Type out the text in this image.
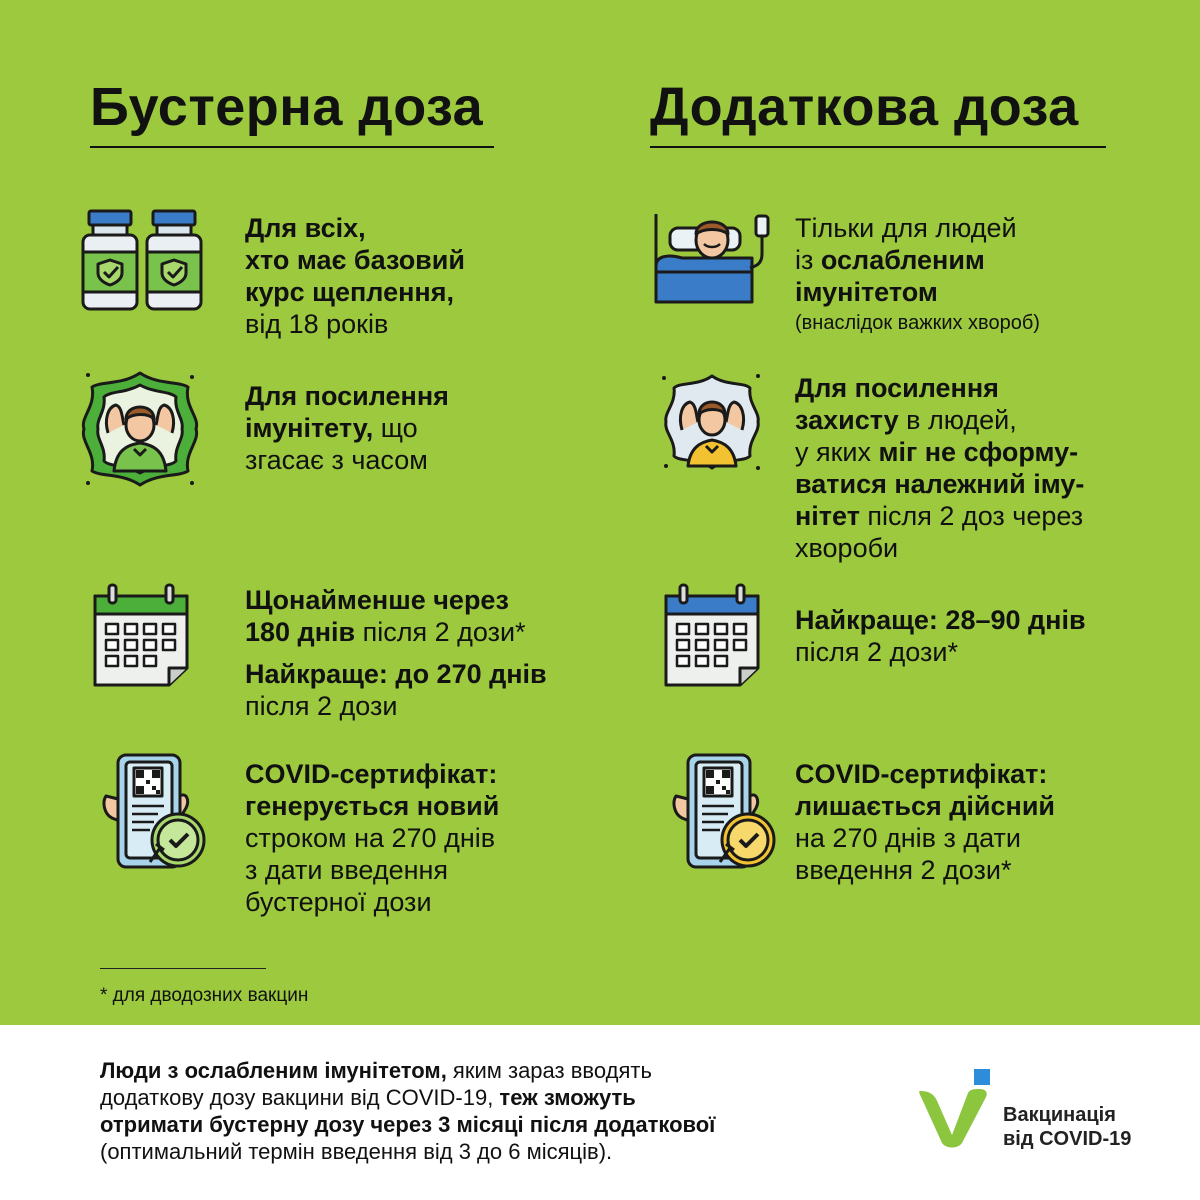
Бустерна доза
Для всіх,
хто має базовий
курс щеплення,
від 18 років
Для посилення
імунітету, що
згасає з часом
Щонайменше через
180 днів після 2 дози*
Найкраще: до 270 днів
після 2 дози
COVID-сертифікат:
генерується новий
строком на 270 днів
з дати введення
бустерної дози
Додаткова доза
Тільки для людей
із ослабленим
імунітетом
(внаслідок важких хвороб)
Для посилення
захисту в людей,
у яких міг не сформу-
ватися належний іму-
нітет після 2 доз через
хвороби
Найкраще: 28–90 днів
після 2 дози*
COVID-сертифікат:
лишається дійсний
на 270 днів з дати
введення 2 дози*
* для дводозних вакцин
Люди з ослабленим імунітетом, яким зараз вводять
додаткову дозу вакцини від COVID-19, теж зможуть
отримати бустерну дозу через 3 місяці після додаткової
(оптимальний термін введення від 3 до 6 місяців).
Вакцинація
від COVID-19
